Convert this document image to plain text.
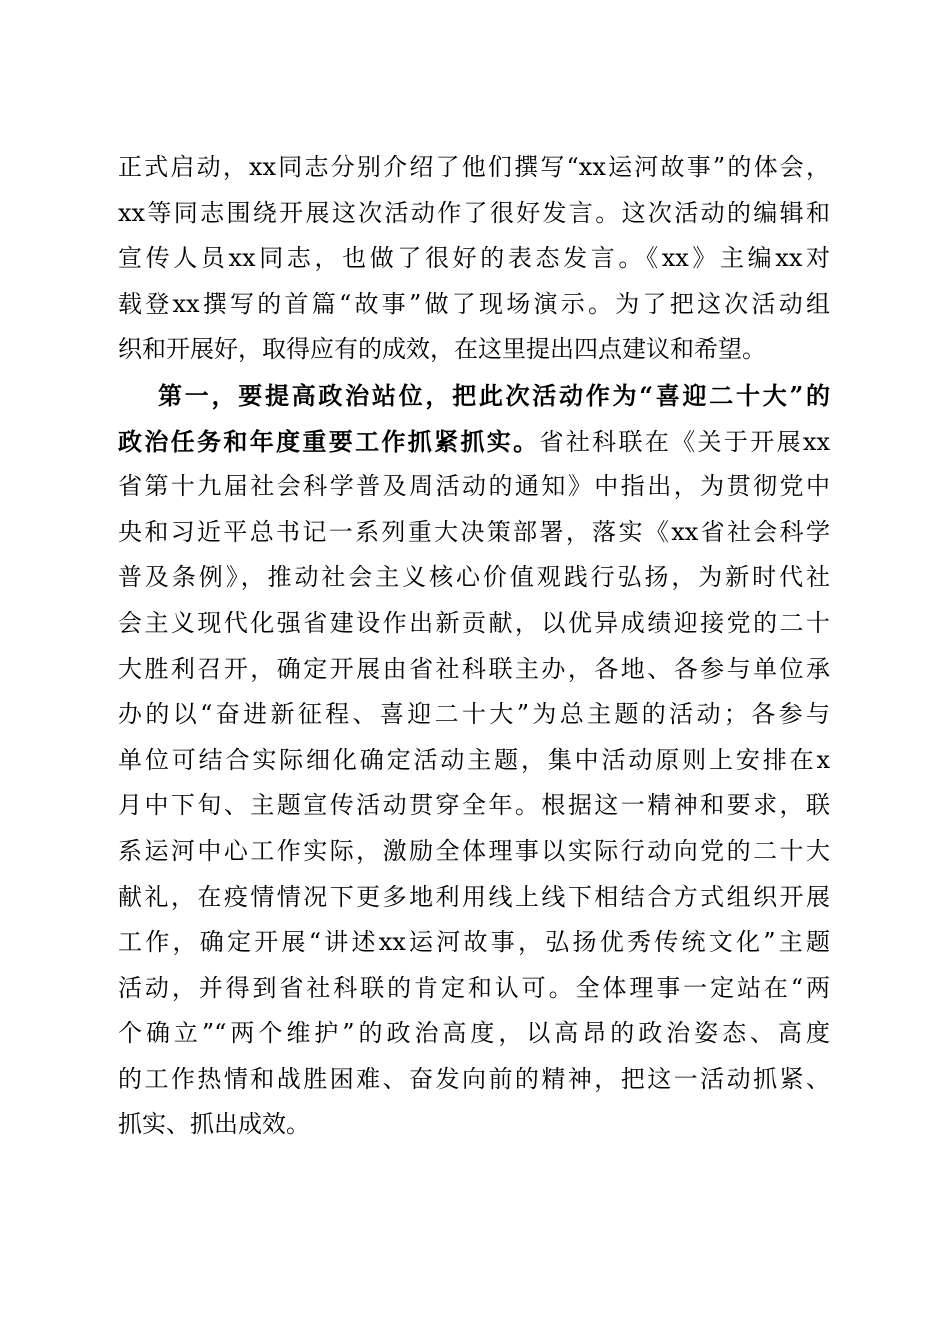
正式启动，xx同志分别介绍了他们撰写“xx运河故事”的体会，
xx等同志围绕开展这次活动作了很好发言。这次活动的编辑和
宣传人员xx同志，也做了很好的表态发言。《xx》主编xx对
载登xx撰写的首篇“故事”做了现场演示。为了把这次活动组
织和开展好，取得应有的成效，在这里提出四点建议和希望。
第一，要提高政治站位，把此次活动作为“喜迎二十大”的
政治任务和年度重要工作抓紧抓实。省社科联在《关于开展xx
省第十九届社会科学普及周活动的通知》中指出，为贯彻党中
央和习近平总书记一系列重大决策部署，落实《xx省社会科学
普及条例》，推动社会主义核心价值观践行弘扬，为新时代社
会主义现代化强省建设作出新贡献，以优异成绩迎接党的二十
大胜利召开，确定开展由省社科联主办，各地、各参与单位承
办的以“奋进新征程、喜迎二十大”为总主题的活动；各参与
单位可结合实际细化确定活动主题，集中活动原则上安排在x
月中下旬、主题宣传活动贯穿全年。根据这一精神和要求，联
系运河中心工作实际，激励全体理事以实际行动向党的二十大
献礼，在疫情情况下更多地利用线上线下相结合方式组织开展
工作，确定开展“讲述xx运河故事，弘扬优秀传统文化”主题
活动，并得到省社科联的肯定和认可。全体理事一定站在“两
个确立”“两个维护”的政治高度，以高昂的政治姿态、高度
的工作热情和战胜困难、奋发向前的精神，把这一活动抓紧、
抓实、抓出成效。
